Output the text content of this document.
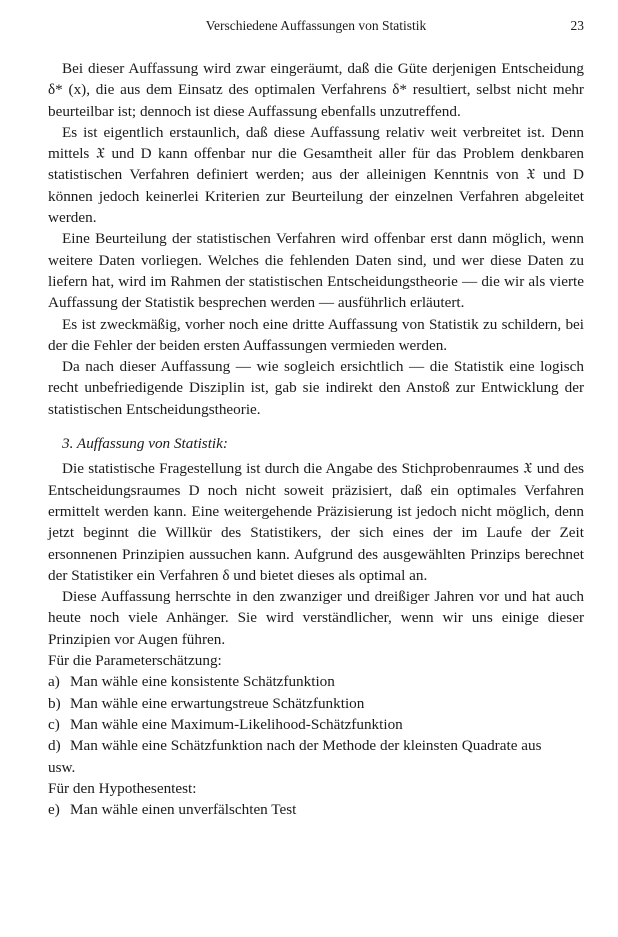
Verschiedene Auffassungen von Statistik	23

Bei dieser Auffassung wird zwar eingeräumt, daß die Güte derjenigen Entscheidung δ* (x), die aus dem Einsatz des optimalen Verfahrens δ* resultiert, selbst nicht mehr beurteilbar ist; dennoch ist diese Auffassung ebenfalls unzutreffend.

Es ist eigentlich erstaunlich, daß diese Auffassung relativ weit verbreitet ist. Denn mittels 𝔛 und D kann offenbar nur die Gesamtheit aller für das Problem denkbaren statistischen Verfahren definiert werden; aus der alleinigen Kenntnis von 𝔛 und D können jedoch keinerlei Kriterien zur Beurteilung der einzelnen Verfahren abgeleitet werden.

Eine Beurteilung der statistischen Verfahren wird offenbar erst dann möglich, wenn weitere Daten vorliegen. Welches die fehlenden Daten sind, und wer diese Daten zu liefern hat, wird im Rahmen der statistischen Entscheidungstheorie — die wir als vierte Auffassung der Statistik besprechen werden — ausführlich erläutert.

Es ist zweckmäßig, vorher noch eine dritte Auffassung von Statistik zu schildern, bei der die Fehler der beiden ersten Auffassungen vermieden werden.

Da nach dieser Auffassung — wie sogleich ersichtlich — die Statistik eine logisch recht unbefriedigende Disziplin ist, gab sie indirekt den Anstoß zur Entwicklung der statistischen Entscheidungstheorie.

3. Auffassung von Statistik:

Die statistische Fragestellung ist durch die Angabe des Stichprobenraumes 𝔛 und des Entscheidungsraumes D noch nicht soweit präzisiert, daß ein optimales Verfahren ermittelt werden kann. Eine weitergehende Präzisierung ist jedoch nicht möglich, denn jetzt beginnt die Willkür des Statistikers, der sich eines der im Laufe der Zeit ersonnenen Prinzipien aussuchen kann. Aufgrund des ausgewählten Prinzips berechnet der Statistiker ein Verfahren δ und bietet dieses als optimal an.

Diese Auffassung herrschte in den zwanziger und dreißiger Jahren vor und hat auch heute noch viele Anhänger. Sie wird verständlicher, wenn wir uns einige dieser Prinzipien vor Augen führen.

Für die Parameterschätzung:

a) Man wähle eine konsistente Schätzfunktion
b) Man wähle eine erwartungstreue Schätzfunktion
c) Man wähle eine Maximum-Likelihood-Schätzfunktion
d) Man wähle eine Schätzfunktion nach der Methode der kleinsten Quadrate aus

usw.

Für den Hypothesentest:

e) Man wähle einen unverfälschten Test
